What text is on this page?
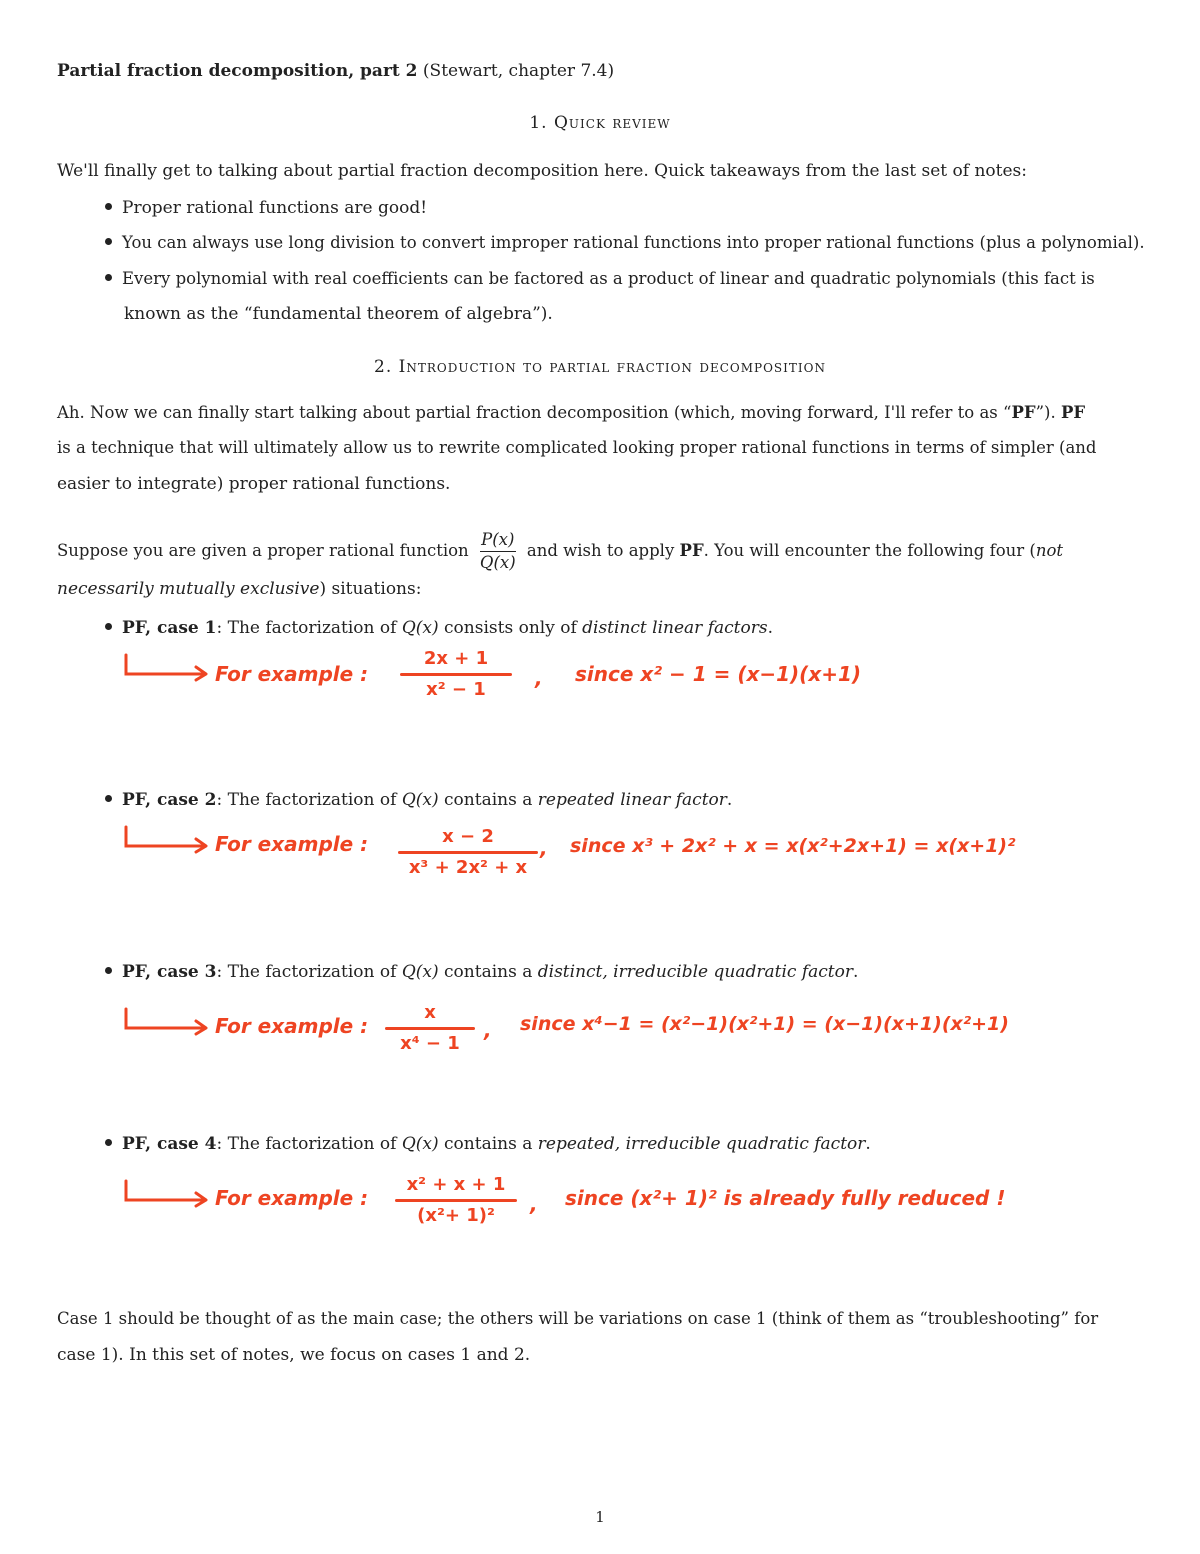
Partial fraction decomposition, part 2 (Stewart, chapter 7.4)
1. Quick review
We'll finally get to talking about partial fraction decomposition here. Quick takeaways from the last set of notes:
Proper rational functions are good!
You can always use long division to convert improper rational functions into proper rational functions (plus a polynomial).
Every polynomial with real coefficients can be factored as a product of linear and quadratic polynomials (this fact is
known as the “fundamental theorem of algebra”).
2. Introduction to partial fraction decomposition
Ah. Now we can finally start talking about partial fraction decomposition (which, moving forward, I'll refer to as “PF”). PF
is a technique that will ultimately allow us to rewrite complicated looking proper rational functions in terms of simpler (and
easier to integrate) proper rational functions.
Suppose you are given a proper rational function $\frac{P(x)}{Q(x)}$ and wish to apply PF. You will encounter the following four (not
necessarily mutually exclusive) situations:
PF, case 1: The factorization of Q(x) consists only of distinct linear factors.
For example :
2x + 1
x² − 1	, since x² − 1 = (x−1)(x+1)
PF, case 2: The factorization of Q(x) contains a repeated linear factor.
For example :	x − 2
x³ + 2x² + x
, since x³ + 2x² + x = x(x²+2x+1) = x(x+1)²
PF, case 3: The factorization of Q(x) contains a distinct, irreducible quadratic factor.
For example :
x
x⁴ − 1
, since x⁴−1 = (x²−1)(x²+1) = (x−1)(x+1)(x²+1)
PF, case 4: The factorization of Q(x) contains a repeated, irreducible quadratic factor.
For example :
x² + x + 1
(x²+ 1)²	, since (x²+ 1)² is already fully reduced !
Case 1 should be thought of as the main case; the others will be variations on case 1 (think of them as “troubleshooting” for
case 1). In this set of notes, we focus on cases 1 and 2.
1
